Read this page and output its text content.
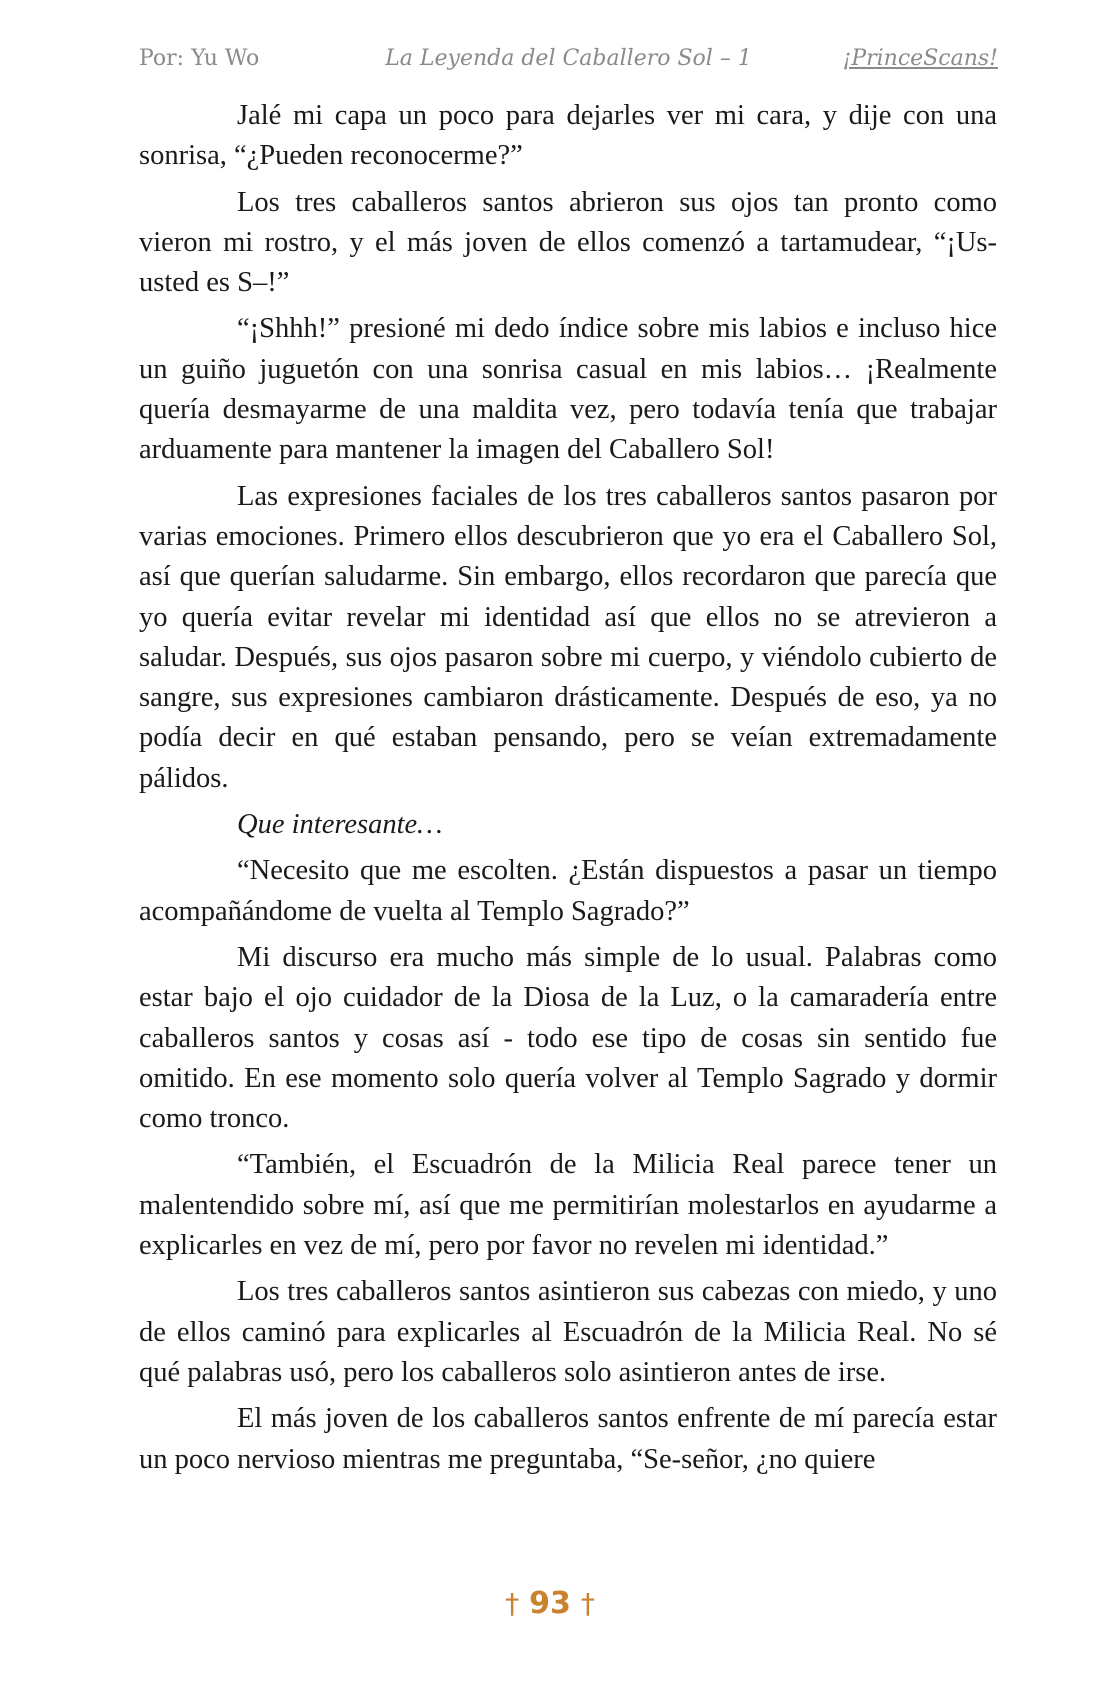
Por: Yu Wo	La Leyenda del Caballero Sol – 1	¡PrinceScans!

Jalé mi capa un poco para dejarles ver mi cara, y dije con una sonrisa, “¿Pueden reconocerme?”

Los tres caballeros santos abrieron sus ojos tan pronto como vieron mi rostro, y el más joven de ellos comenzó a tartamudear, “¡Us- usted es S–!”

“¡Shhh!” presioné mi dedo índice sobre mis labios e incluso hice un guiño juguetón con una sonrisa casual en mis labios… ¡Realmente quería desmayarme de una maldita vez, pero todavía tenía que trabajar arduamente para mantener la imagen del Caballero Sol!

Las expresiones faciales de los tres caballeros santos pasaron por varias emociones. Primero ellos descubrieron que yo era el Caballero Sol, así que querían saludarme. Sin embargo, ellos recordaron que parecía que yo quería evitar revelar mi identidad así que ellos no se atrevieron a saludar. Después, sus ojos pasaron sobre mi cuerpo, y viéndolo cubierto de sangre, sus expresiones cambiaron drásticamente. Después de eso, ya no podía decir en qué estaban pensando, pero se veían extremadamente pálidos.

Que interesante…

“Necesito que me escolten. ¿Están dispuestos a pasar un tiempo acompañándome de vuelta al Templo Sagrado?”

Mi discurso era mucho más simple de lo usual. Palabras como estar bajo el ojo cuidador de la Diosa de la Luz, o la camaradería entre caballeros santos y cosas así - todo ese tipo de cosas sin sentido fue omitido. En ese momento solo quería volver al Templo Sagrado y dormir como tronco.

“También, el Escuadrón de la Milicia Real parece tener un malentendido sobre mí, así que me permitirían molestarlos en ayudarme a explicarles en vez de mí, pero por favor no revelen mi identidad.”

Los tres caballeros santos asintieron sus cabezas con miedo, y uno de ellos caminó para explicarles al Escuadrón de la Milicia Real. No sé qué palabras usó, pero los caballeros solo asintieron antes de irse.

El más joven de los caballeros santos enfrente de mí parecía estar un poco nervioso mientras me preguntaba, “Se-señor, ¿no quiere

† 93 †
